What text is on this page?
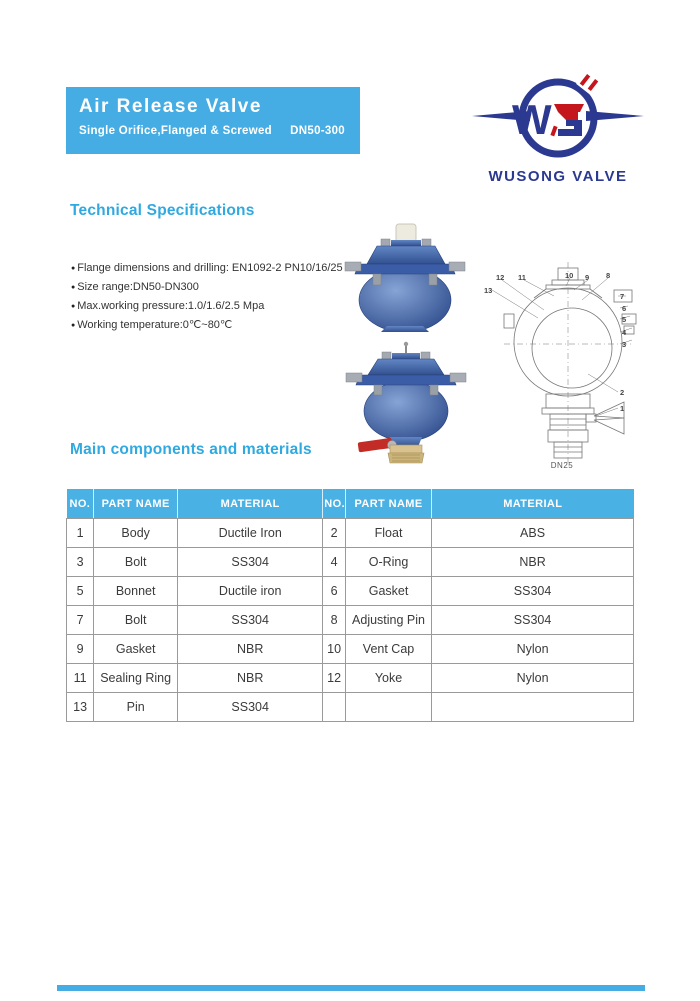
Air Release Valve
Single Orifice,Flanged & Screwed DN50-300	W
WUSONG VALVE
Technical Specifications
● Flange dimensions and drilling: EN1092-2 PN10/16/25
● Size range:DN50-DN300
● Max.working pressure:1.0/1.6/2.5 Mpa
● Working temperature:0℃~80℃
13
12 11	10 9 8
7
6
5
4
3
2
1
DN25
Main components and materials
NO.	PART NAME	MATERIAL	NO.	PART NAME	MATERIAL
1	Body	Ductile Iron	2	Float	ABS
3	Bolt	SS304	4	O-Ring	NBR
5	Bonnet	Ductile iron	6	Gasket	SS304
7	Bolt	SS304	8	Adjusting Pin	SS304
9	Gasket	NBR	10	Vent Cap	Nylon
11	Sealing Ring	NBR	12	Yoke	Nylon
13	Pin	SS304			
